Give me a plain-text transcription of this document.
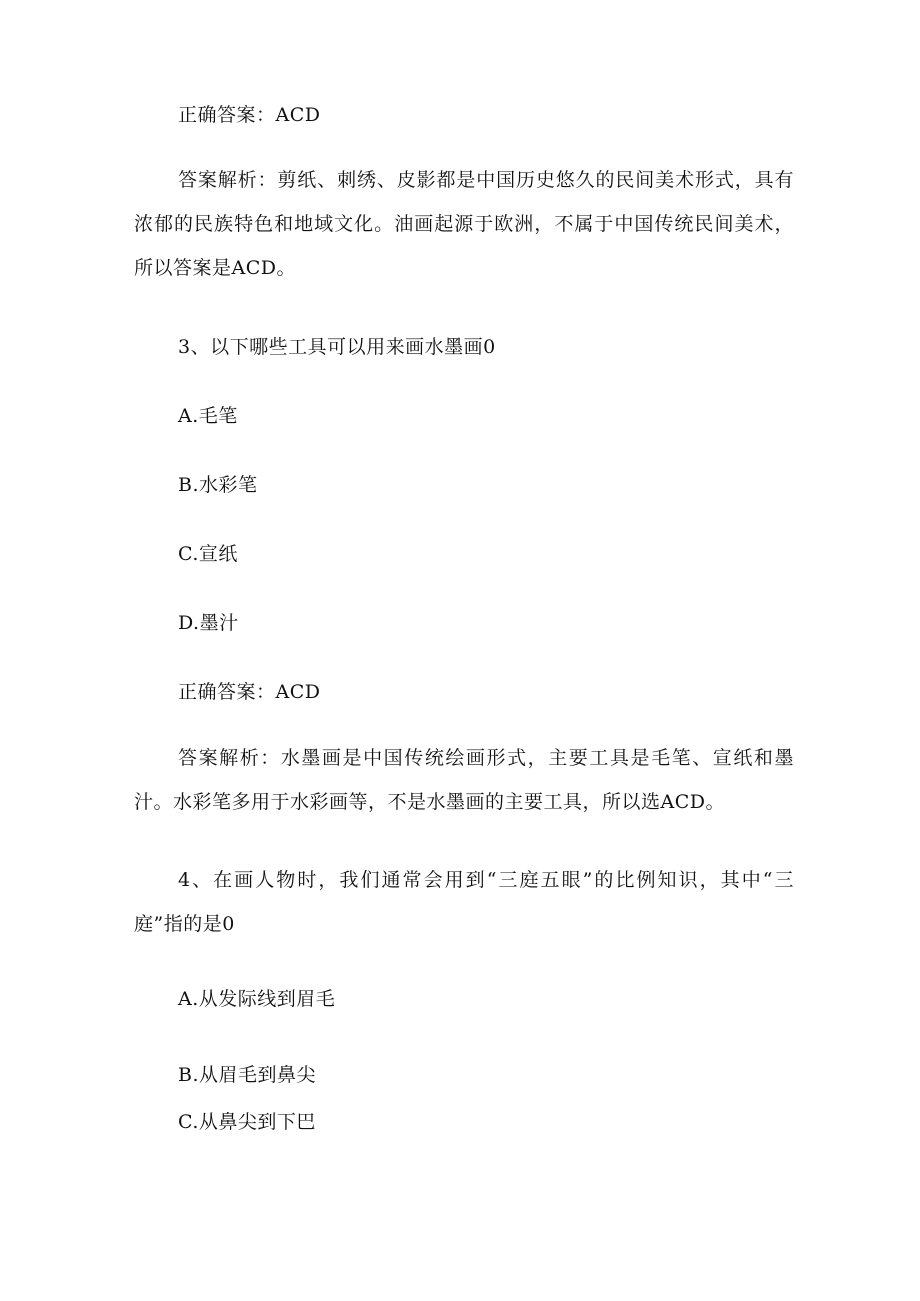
正确答案：ACD
答案解析：剪纸、刺绣、皮影都是中国历史悠久的民间美术形式，具有浓郁的民族特色和地域文化。油画起源于欧洲，不属于中国传统民间美术，所以答案是ACD。
3、以下哪些工具可以用来画水墨画0
A.毛笔
B.水彩笔
C.宣纸
D.墨汁
正确答案：ACD
答案解析：水墨画是中国传统绘画形式，主要工具是毛笔、宣纸和墨汁。水彩笔多用于水彩画等，不是水墨画的主要工具，所以选ACD。
4、在画人物时，我们通常会用到“三庭五眼”的比例知识，其中“三庭”指的是0
A.从发际线到眉毛
B.从眉毛到鼻尖
C.从鼻尖到下巴
